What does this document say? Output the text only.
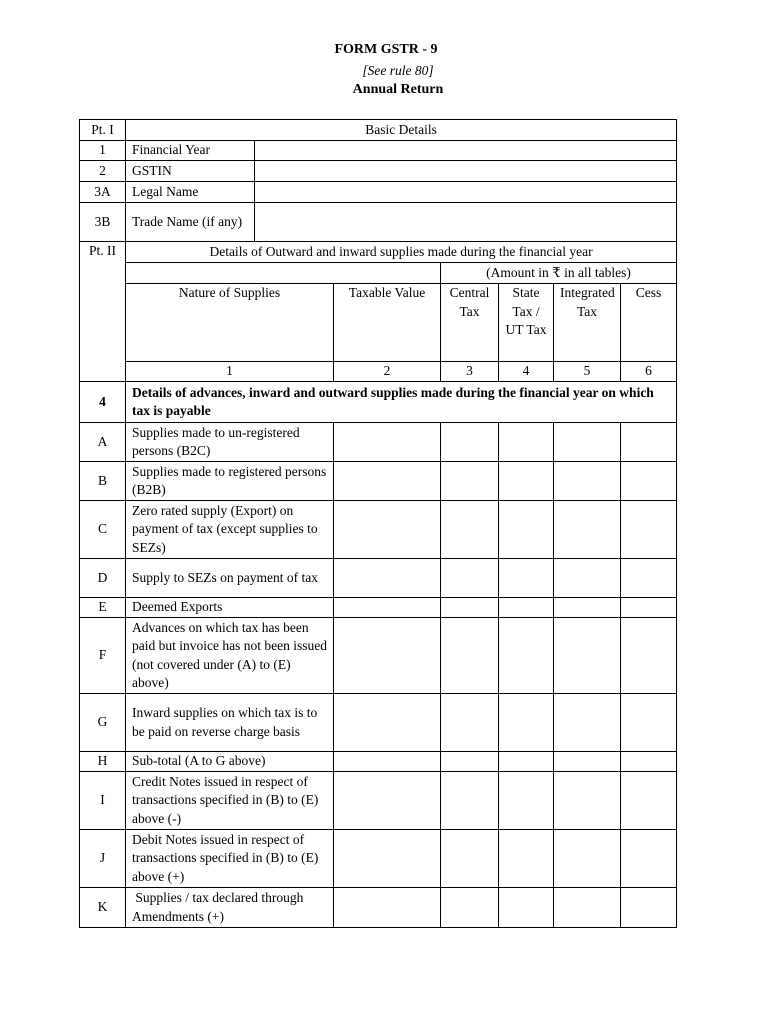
FORM GSTR - 9
[See rule 80]
Annual Return
Pt. I	Basic Details						
1	Financial Year						
2	GSTIN						
3A	Legal Name						
3B	Trade Name (if any)						
Pt. II	Details of Outward and inward supplies made during the financial year						
				(Amount in ₹ in all tables)			
	Nature of Supplies		Taxable Value	Central Tax	State Tax / UT Tax	Integrated Tax	Cess
	1		2	3	4	5	6
4	Details of advances, inward and outward supplies made during the financial year on which tax is payable						
A	Supplies made to un-registered persons (B2C)						
B	Supplies made to registered persons (B2B)						
C	Zero rated supply (Export) on payment of tax (except supplies to SEZs)						
D	Supply to SEZs on payment of tax						
E	Deemed Exports						
F	Advances on which tax has been paid but invoice has not been issued (not covered under (A) to (E) above)						
G	Inward supplies on which tax is to be paid on reverse charge basis						
H	Sub-total (A to G above)						
I	Credit Notes issued in respect of transactions specified in (B) to (E) above (-)						
J	Debit Notes issued in respect of transactions specified in (B) to (E) above (+)						
K	Supplies / tax declared through Amendments (+)						
